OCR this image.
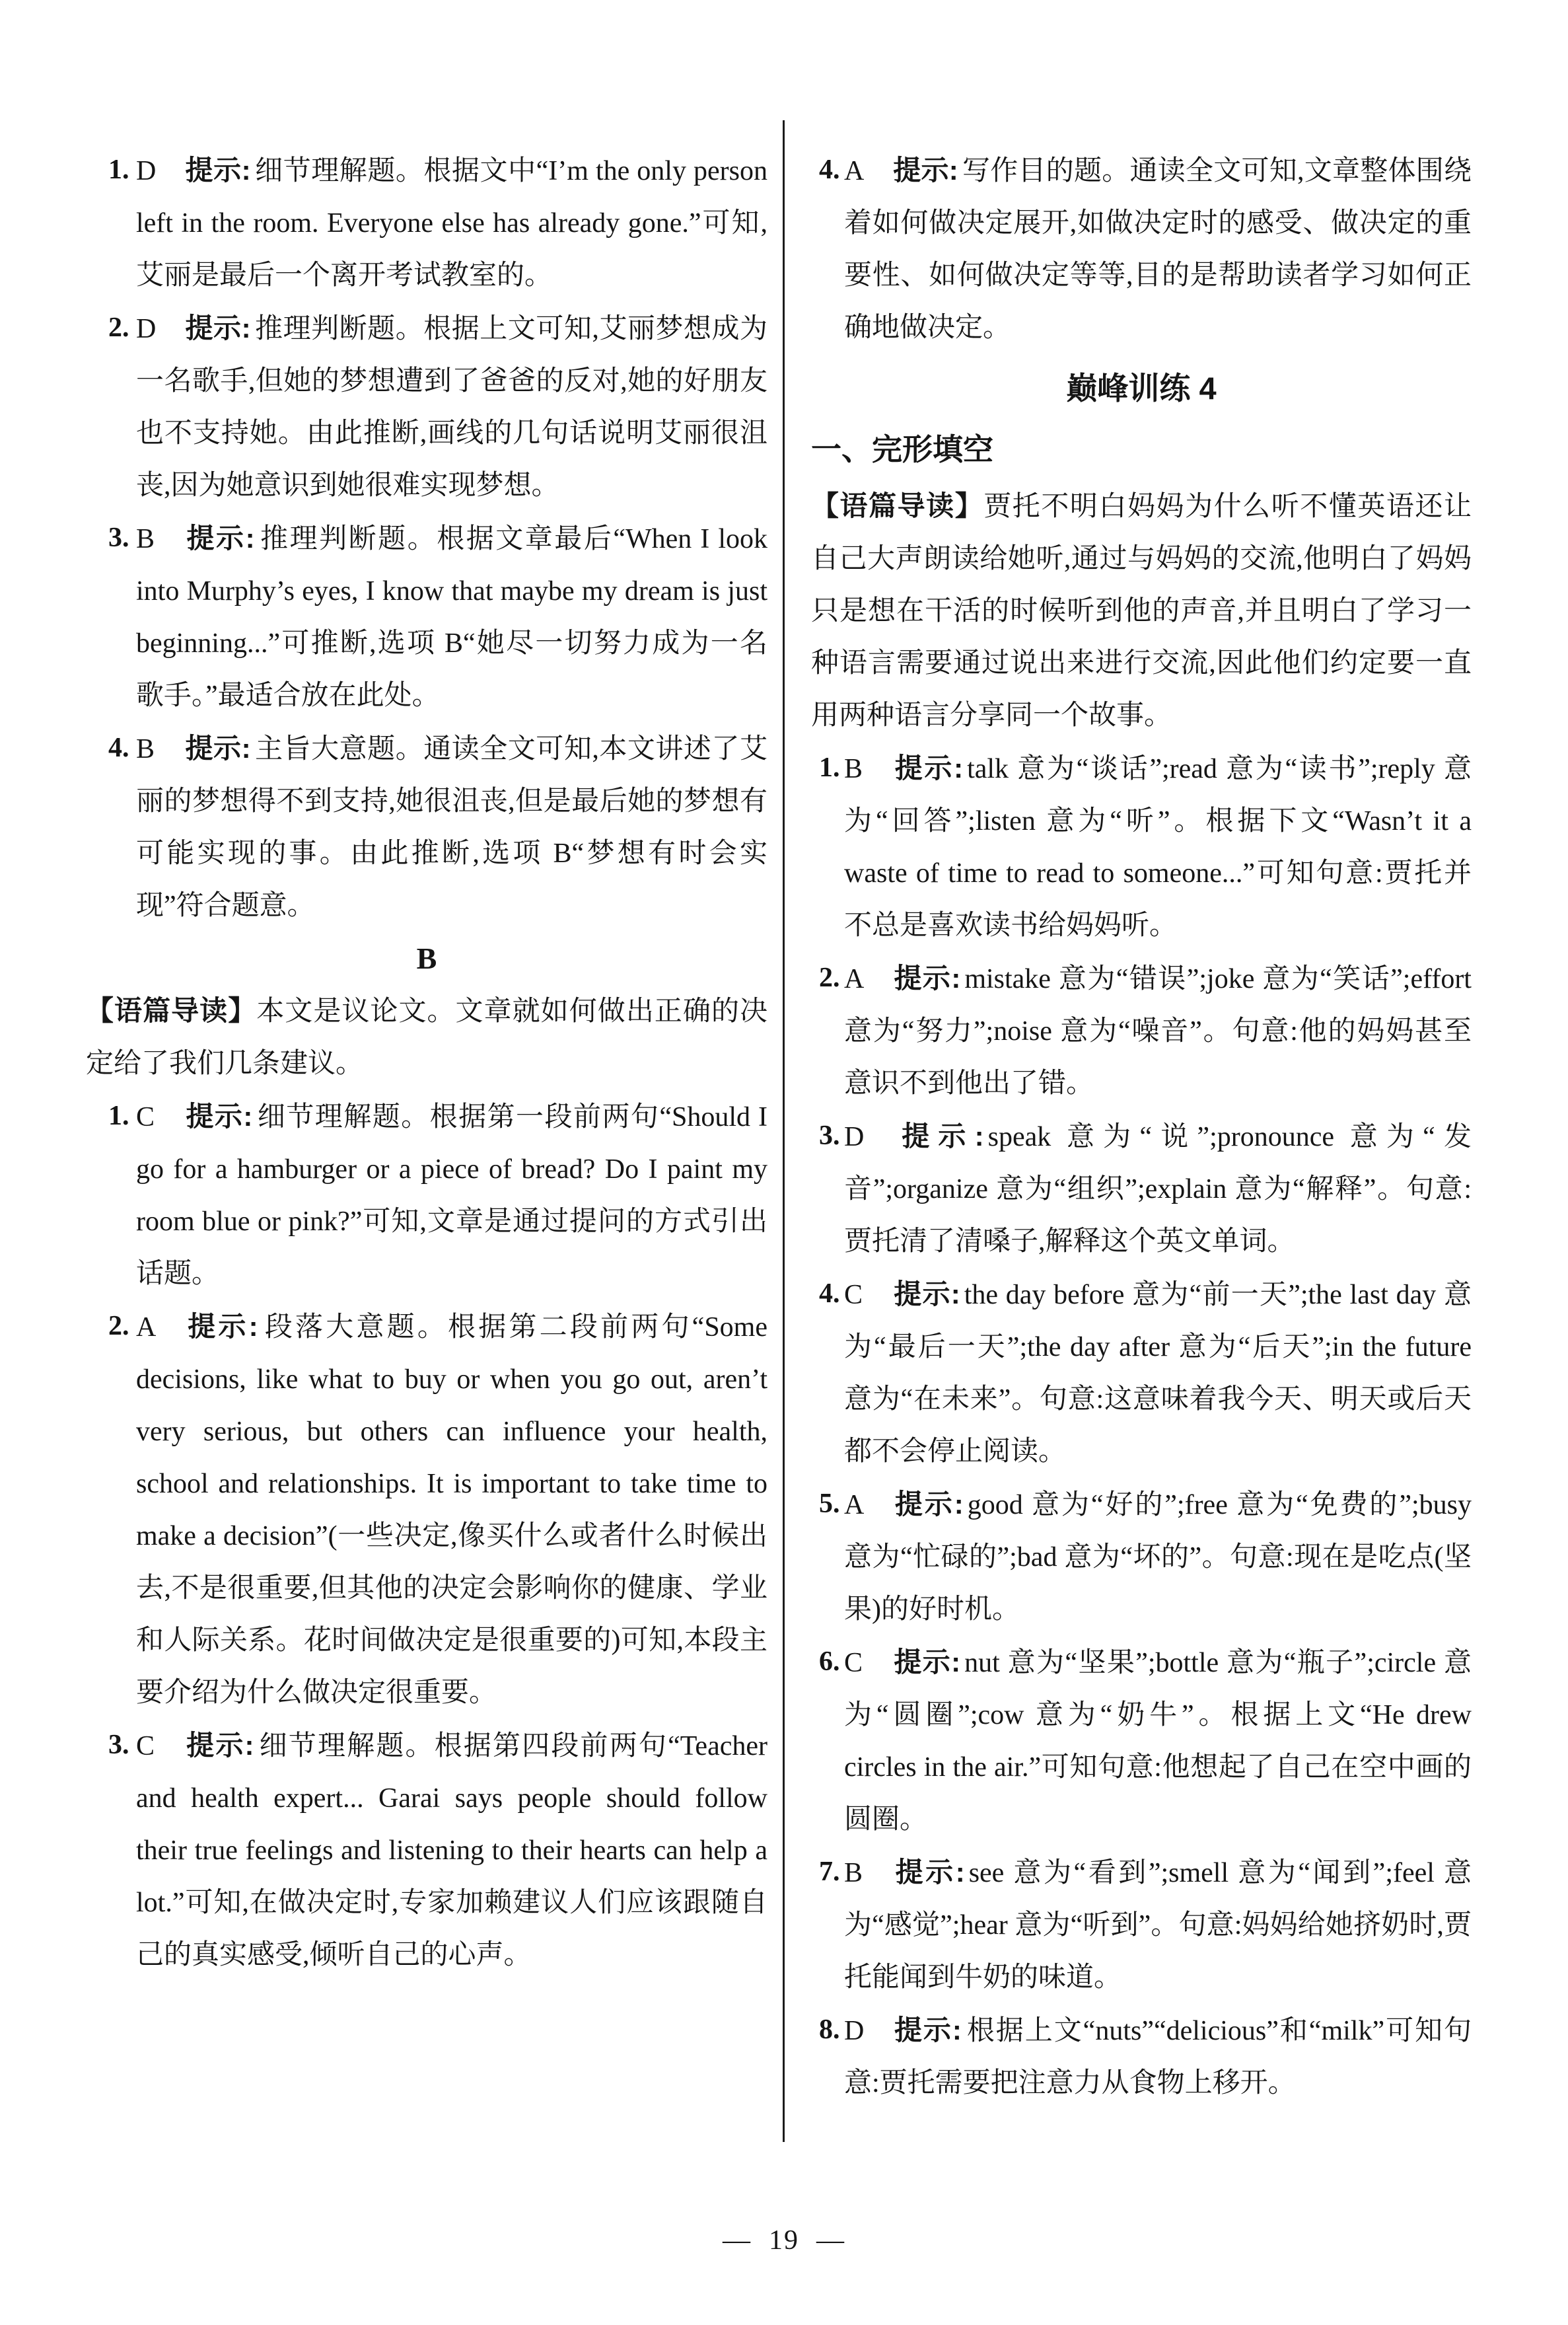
1. D 提示: 细节理解题。根据文中“I’m the only person left in the room. Everyone else has already gone.”可知,艾丽是最后一个离开考试教室的。
2. D 提示: 推理判断题。根据上文可知,艾丽梦想成为一名歌手,但她的梦想遭到了爸爸的反对,她的好朋友也不支持她。由此推断,画线的几句话说明艾丽很沮丧,因为她意识到她很难实现梦想。
3. B 提示: 推理判断题。根据文章最后“When I look into Murphy’s eyes, I know that maybe my dream is just beginning...”可推断,选项 B“她尽一切努力成为一名歌手。”最适合放在此处。
4. B 提示: 主旨大意题。通读全文可知,本文讲述了艾丽的梦想得不到支持,她很沮丧,但是最后她的梦想有可能实现的事。由此推断,选项 B“梦想有时会实现”符合题意。
B
【语篇导读】本文是议论文。文章就如何做出正确的决定给了我们几条建议。
1. C 提示: 细节理解题。根据第一段前两句“Should I go for a hamburger or a piece of bread? Do I paint my room blue or pink?”可知,文章是通过提问的方式引出话题。
2. A 提示: 段落大意题。根据第二段前两句“Some decisions, like what to buy or when you go out, aren’t very serious, but others can influence your health, school and relationships. It is important to take time to make a decision”(一些决定,像买什么或者什么时候出去,不是很重要,但其他的决定会影响你的健康、学业和人际关系。花时间做决定是很重要的)可知,本段主要介绍为什么做决定很重要。
3. C 提示: 细节理解题。根据第四段前两句“Teacher and health expert... Garai says people should follow their true feelings and listening to their hearts can help a lot.”可知,在做决定时,专家加赖建议人们应该跟随自己的真实感受,倾听自己的心声。
4. A 提示: 写作目的题。通读全文可知,文章整体围绕着如何做决定展开,如做决定时的感受、做决定的重要性、如何做决定等等,目的是帮助读者学习如何正确地做决定。
巅峰训练 4
一、完形填空
【语篇导读】贾托不明白妈妈为什么听不懂英语还让自己大声朗读给她听,通过与妈妈的交流,他明白了妈妈只是想在干活的时候听到他的声音,并且明白了学习一种语言需要通过说出来进行交流,因此他们约定要一直用两种语言分享同一个故事。
1. B 提示: talk 意为“谈话”;read 意为“读书”;reply 意为“回答”;listen 意为“听”。根据下文“Wasn’t it a waste of time to read to someone...”可知句意:贾托并不总是喜欢读书给妈妈听。
2. A 提示: mistake 意为“错误”;joke 意为“笑话”;effort 意为“努力”;noise 意为“噪音”。句意:他的妈妈甚至意识不到他出了错。
3. D 提示: speak 意为“说”;pronounce 意为“发音”;organize 意为“组织”;explain 意为“解释”。句意:贾托清了清嗓子,解释这个英文单词。
4. C 提示: the day before 意为“前一天”;the last day 意为“最后一天”;the day after 意为“后天”;in the future 意为“在未来”。句意:这意味着我今天、明天或后天都不会停止阅读。
5. A 提示: good 意为“好的”;free 意为“免费的”;busy 意为“忙碌的”;bad 意为“坏的”。句意:现在是吃点(坚果)的好时机。
6. C 提示: nut 意为“坚果”;bottle 意为“瓶子”;circle 意为“圆圈”;cow 意为“奶牛”。根据上文“He drew circles in the air.”可知句意:他想起了自己在空中画的圆圈。
7. B 提示: see 意为“看到”;smell 意为“闻到”;feel 意为“感觉”;hear 意为“听到”。句意:妈妈给她挤奶时,贾托能闻到牛奶的味道。
8. D 提示: 根据上文“nuts”“delicious”和“milk”可知句意:贾托需要把注意力从食物上移开。
— 19 —
